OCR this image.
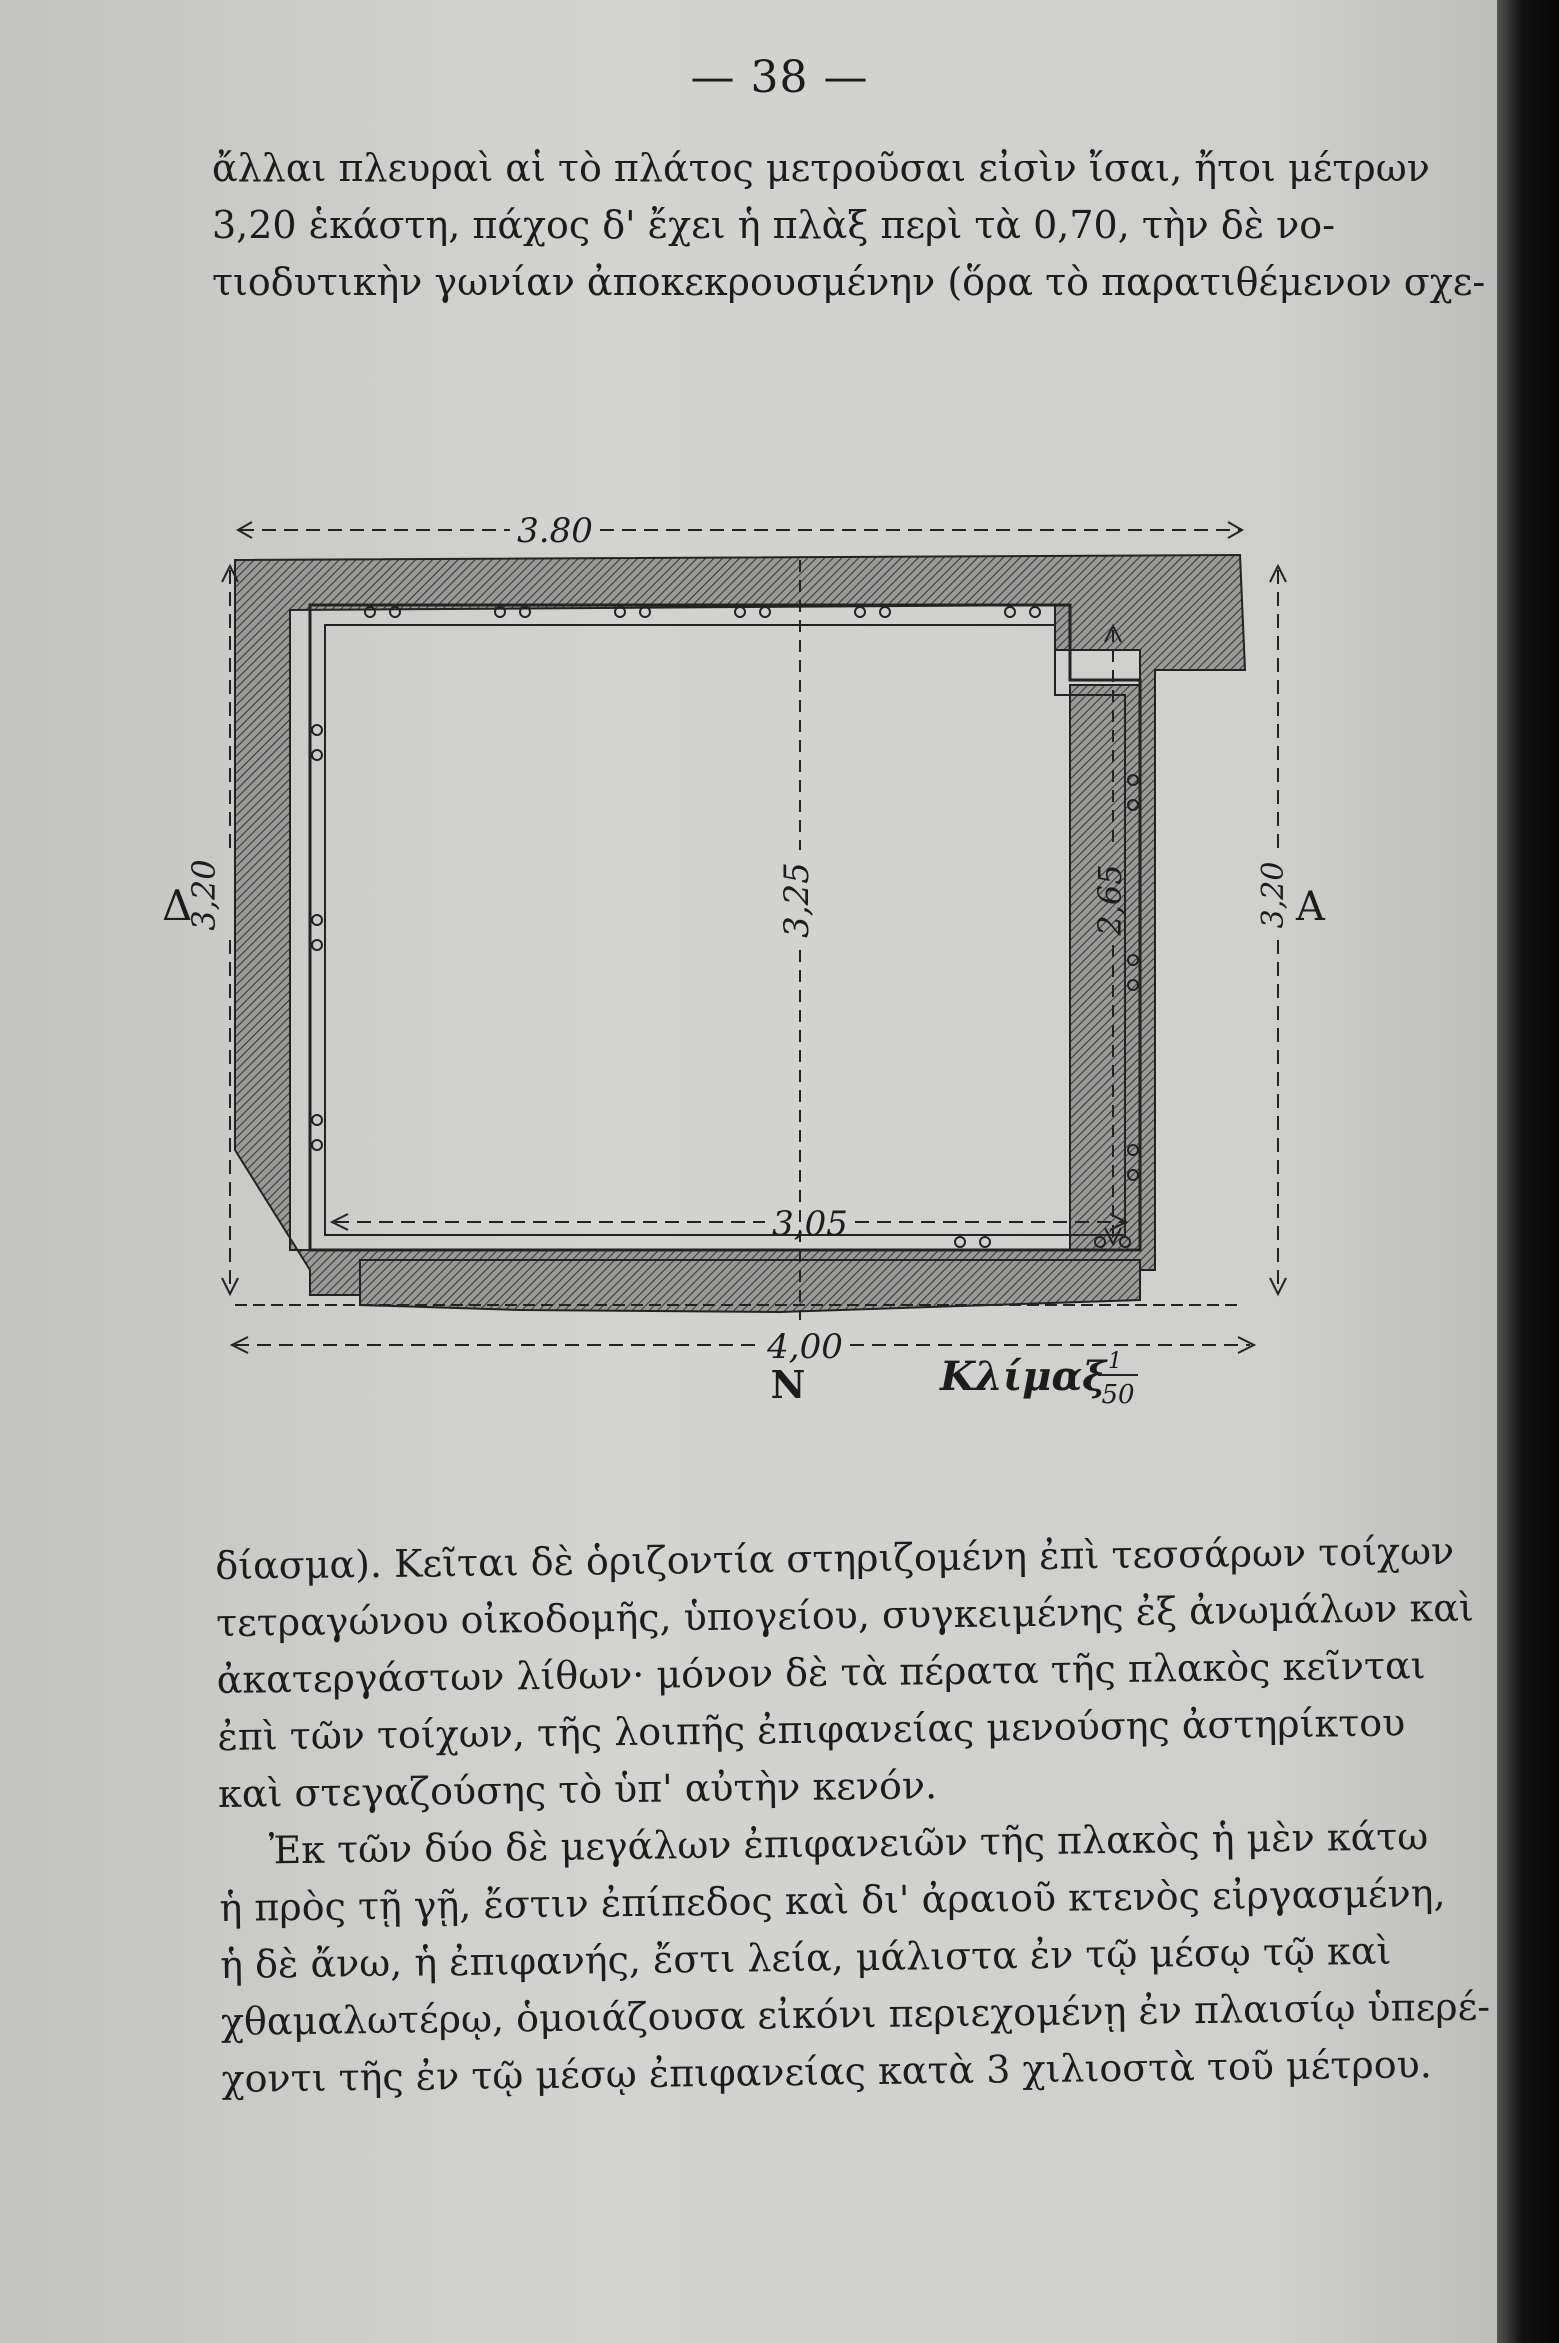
— 38 —
ἄλλαι πλευραὶ αἱ τὸ πλάτος μετροῦσαι εἰσὶν ἴσαι, ἤτοι μέτρων
3,20 ἑκάστη, πάχος δ' ἔχει ἡ πλὰξ περὶ τὰ 0,70, τὴν δὲ νο-
τιοδυτικὴν γωνίαν ἀποκεκρουσμένην (ὅρα τὸ παρατιθέμενον σχε-
3.80
3,20
Δ	3,20 Α
3,25	2,65
3,05
4,00
Ν	Κλίμαξ 1
50
δίασμα). Κεῖται δὲ ὁριζοντία στηριζομένη ἐπὶ τεσσάρων τοίχων
τετραγώνου οἰκοδομῆς, ὑπογείου, συγκειμένης ἐξ ἀνωμάλων καὶ
ἀκατεργάστων λίθων· μόνον δὲ τὰ πέρατα τῆς πλακὸς κεῖνται
ἐπὶ τῶν τοίχων, τῆς λοιπῆς ἐπιφανείας μενούσης ἀστηρίκτου
καὶ στεγαζούσης τὸ ὑπ' αὐτὴν κενόν.
Ἐκ τῶν δύο δὲ μεγάλων ἐπιφανειῶν τῆς πλακὸς ἡ μὲν κάτω
ἡ πρὸς τῇ γῇ, ἔστιν ἐπίπεδος καὶ δι' ἀραιοῦ κτενὸς εἰργασμένη,
ἡ δὲ ἄνω, ἡ ἐπιφανής, ἔστι λεία, μάλιστα ἐν τῷ μέσῳ τῷ καὶ
χθαμαλωτέρῳ, ὁμοιάζουσα εἰκόνι περιεχομένῃ ἐν πλαισίῳ ὑπερέ-
χοντι τῆς ἐν τῷ μέσῳ ἐπιφανείας κατὰ 3 χιλιοστὰ τοῦ μέτρου.
